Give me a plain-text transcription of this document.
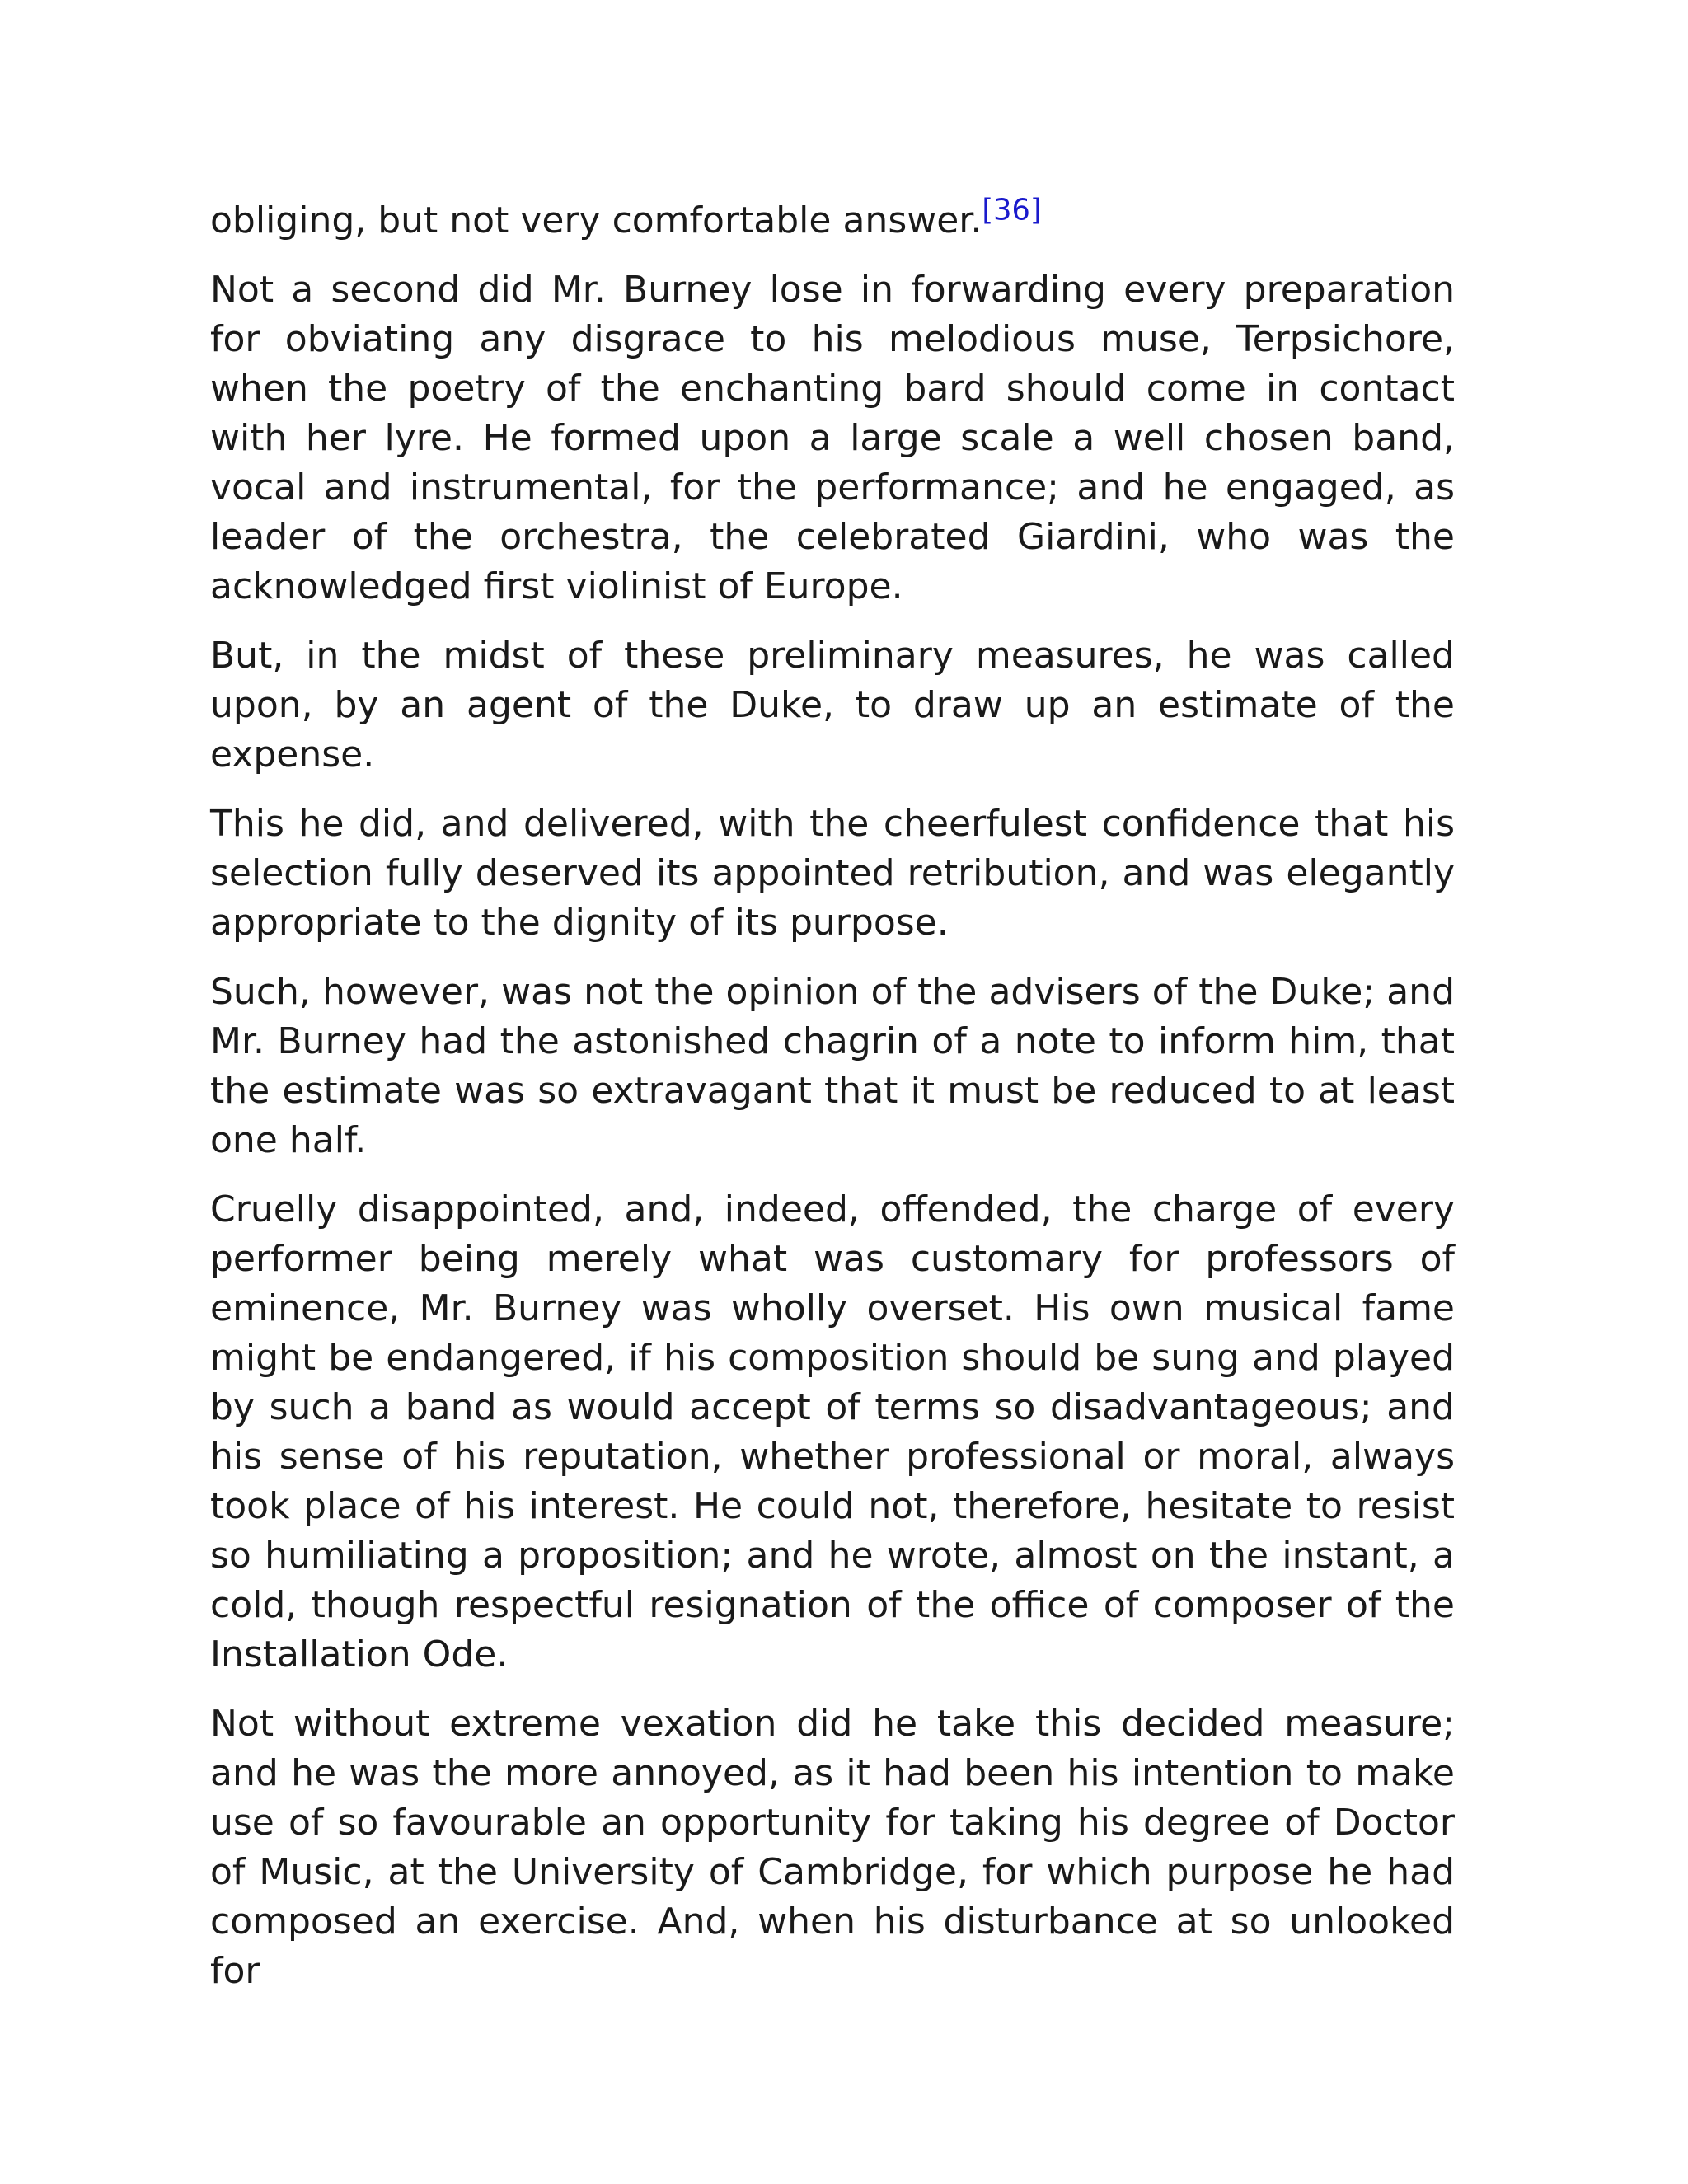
obliging, but not very comfortable answer.[36]

Not a second did Mr. Burney lose in forwarding every preparation for obviating any disgrace to his melodious muse, Terpsichore, when the poetry of the enchanting bard should come in contact with her lyre. He formed upon a large scale a well chosen band, vocal and instrumental, for the performance; and he engaged, as leader of the orchestra, the celebrated Giardini, who was the acknowledged first violinist of Europe.

But, in the midst of these preliminary measures, he was called upon, by an agent of the Duke, to draw up an estimate of the expense.

This he did, and delivered, with the cheerfulest confidence that his selection fully deserved its appointed retribution, and was elegantly appropriate to the dignity of its purpose.

Such, however, was not the opinion of the advisers of the Duke; and Mr. Burney had the astonished chagrin of a note to inform him, that the estimate was so extravagant that it must be reduced to at least one half.

Cruelly disappointed, and, indeed, offended, the charge of every performer being merely what was customary for professors of eminence, Mr. Burney was wholly overset. His own musical fame might be endangered, if his composition should be sung and played by such a band as would accept of terms so disadvantageous; and his sense of his reputation, whether professional or moral, always took place of his interest. He could not, therefore, hesitate to resist so humiliating a proposition; and he wrote, almost on the instant, a cold, though respectful resignation of the office of composer of the Installation Ode.

Not without extreme vexation did he take this decided measure; and he was the more annoyed, as it had been his intention to make use of so favourable an opportunity for taking his degree of Doctor of Music, at the University of Cambridge, for which purpose he had composed an exercise. And, when his disturbance at so unlooked for
